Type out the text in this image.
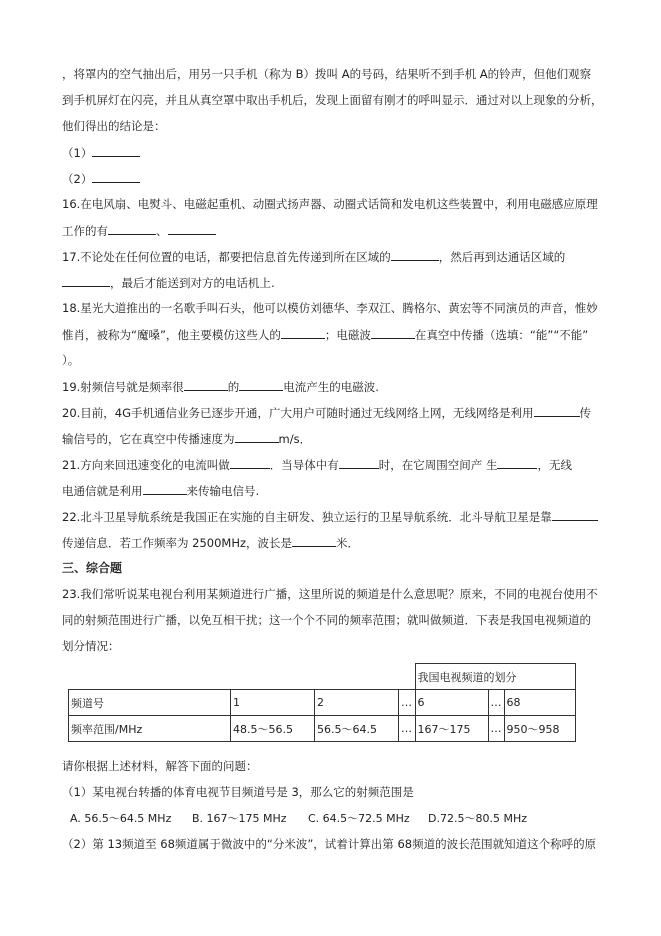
，将罩内的空气抽出后，用另一只手机（称为 B）拨叫 A的号码，结果听不到手机 A的铃声，但他们观察
到手机屏灯在闪亮，并且从真空罩中取出手机后，发现上面留有刚才的呼叫显示．通过对以上现象的分析，
他们得出的结论是：
（1）
（2）
16.在电风扇、电熨斗、电磁起重机、动圈式扬声器、动圈式话筒和发电机这些装置中，利用电磁感应原理
工作的有	、
17.不论处在任何位置的电话，都要把信息首先传递到所在区域的	，然后再到达通话区域的
，最后才能送到对方的电话机上.
18.星光大道推出的一名歌手叫石头，他可以模仿刘德华、李双江、腾格尔、黄宏等不同演员的声音，惟妙
惟肖，被称为“魔嗓”，他主要模仿这些人的	；电磁波	在真空中传播（选填：“能”“不能”
）。
19.射频信号就是频率很	的	电流产生的电磁波.
20.目前，4G手机通信业务已逐步开通，广大用户可随时通过无线网络上网，无线网络是利用	传
输信号的，它在真空中传播速度为	m/s．
21.方向来回迅速变化的电流叫做	．当导体中有	时，在它周围空间产 生	，无线
电通信就是利用	来传输电信号.
22.北斗卫星导航系统是我国正在实施的自主研发、独立运行的卫星导航系统．北斗导航卫星是靠
传递信息．若工作频率为 2500MHz，波长是	米．
三、综合题
23.我们常听说某电视台利用某频道进行广播，这里所说的频道是什么意思呢？原来，不同的电视台使用不
同的射频范围进行广播，以免互相干扰；这一个个不同的频率范围；就叫做频道．下表是我国电视频道的
划分情况：
				我国电视频道的划分		
频道号	1	2	…	6	…	68
频率范围/MHz	48.5～56.5	56.5～64.5	…	167～175	…	950～958
请你根据上述材料，解答下面的问题：
（1）某电视台转播的体育电视节目频道号是 3，那么它的射频范围是
A. 56.5～64.5 MHz B. 167～175 MHz C. 64.5～72.5 MHz D.72.5～80.5 MHz
（2）第 13频道至 68频道属于微波中的“分米波”，试着计算出第 68频道的波长范围就知道这个称呼的原
